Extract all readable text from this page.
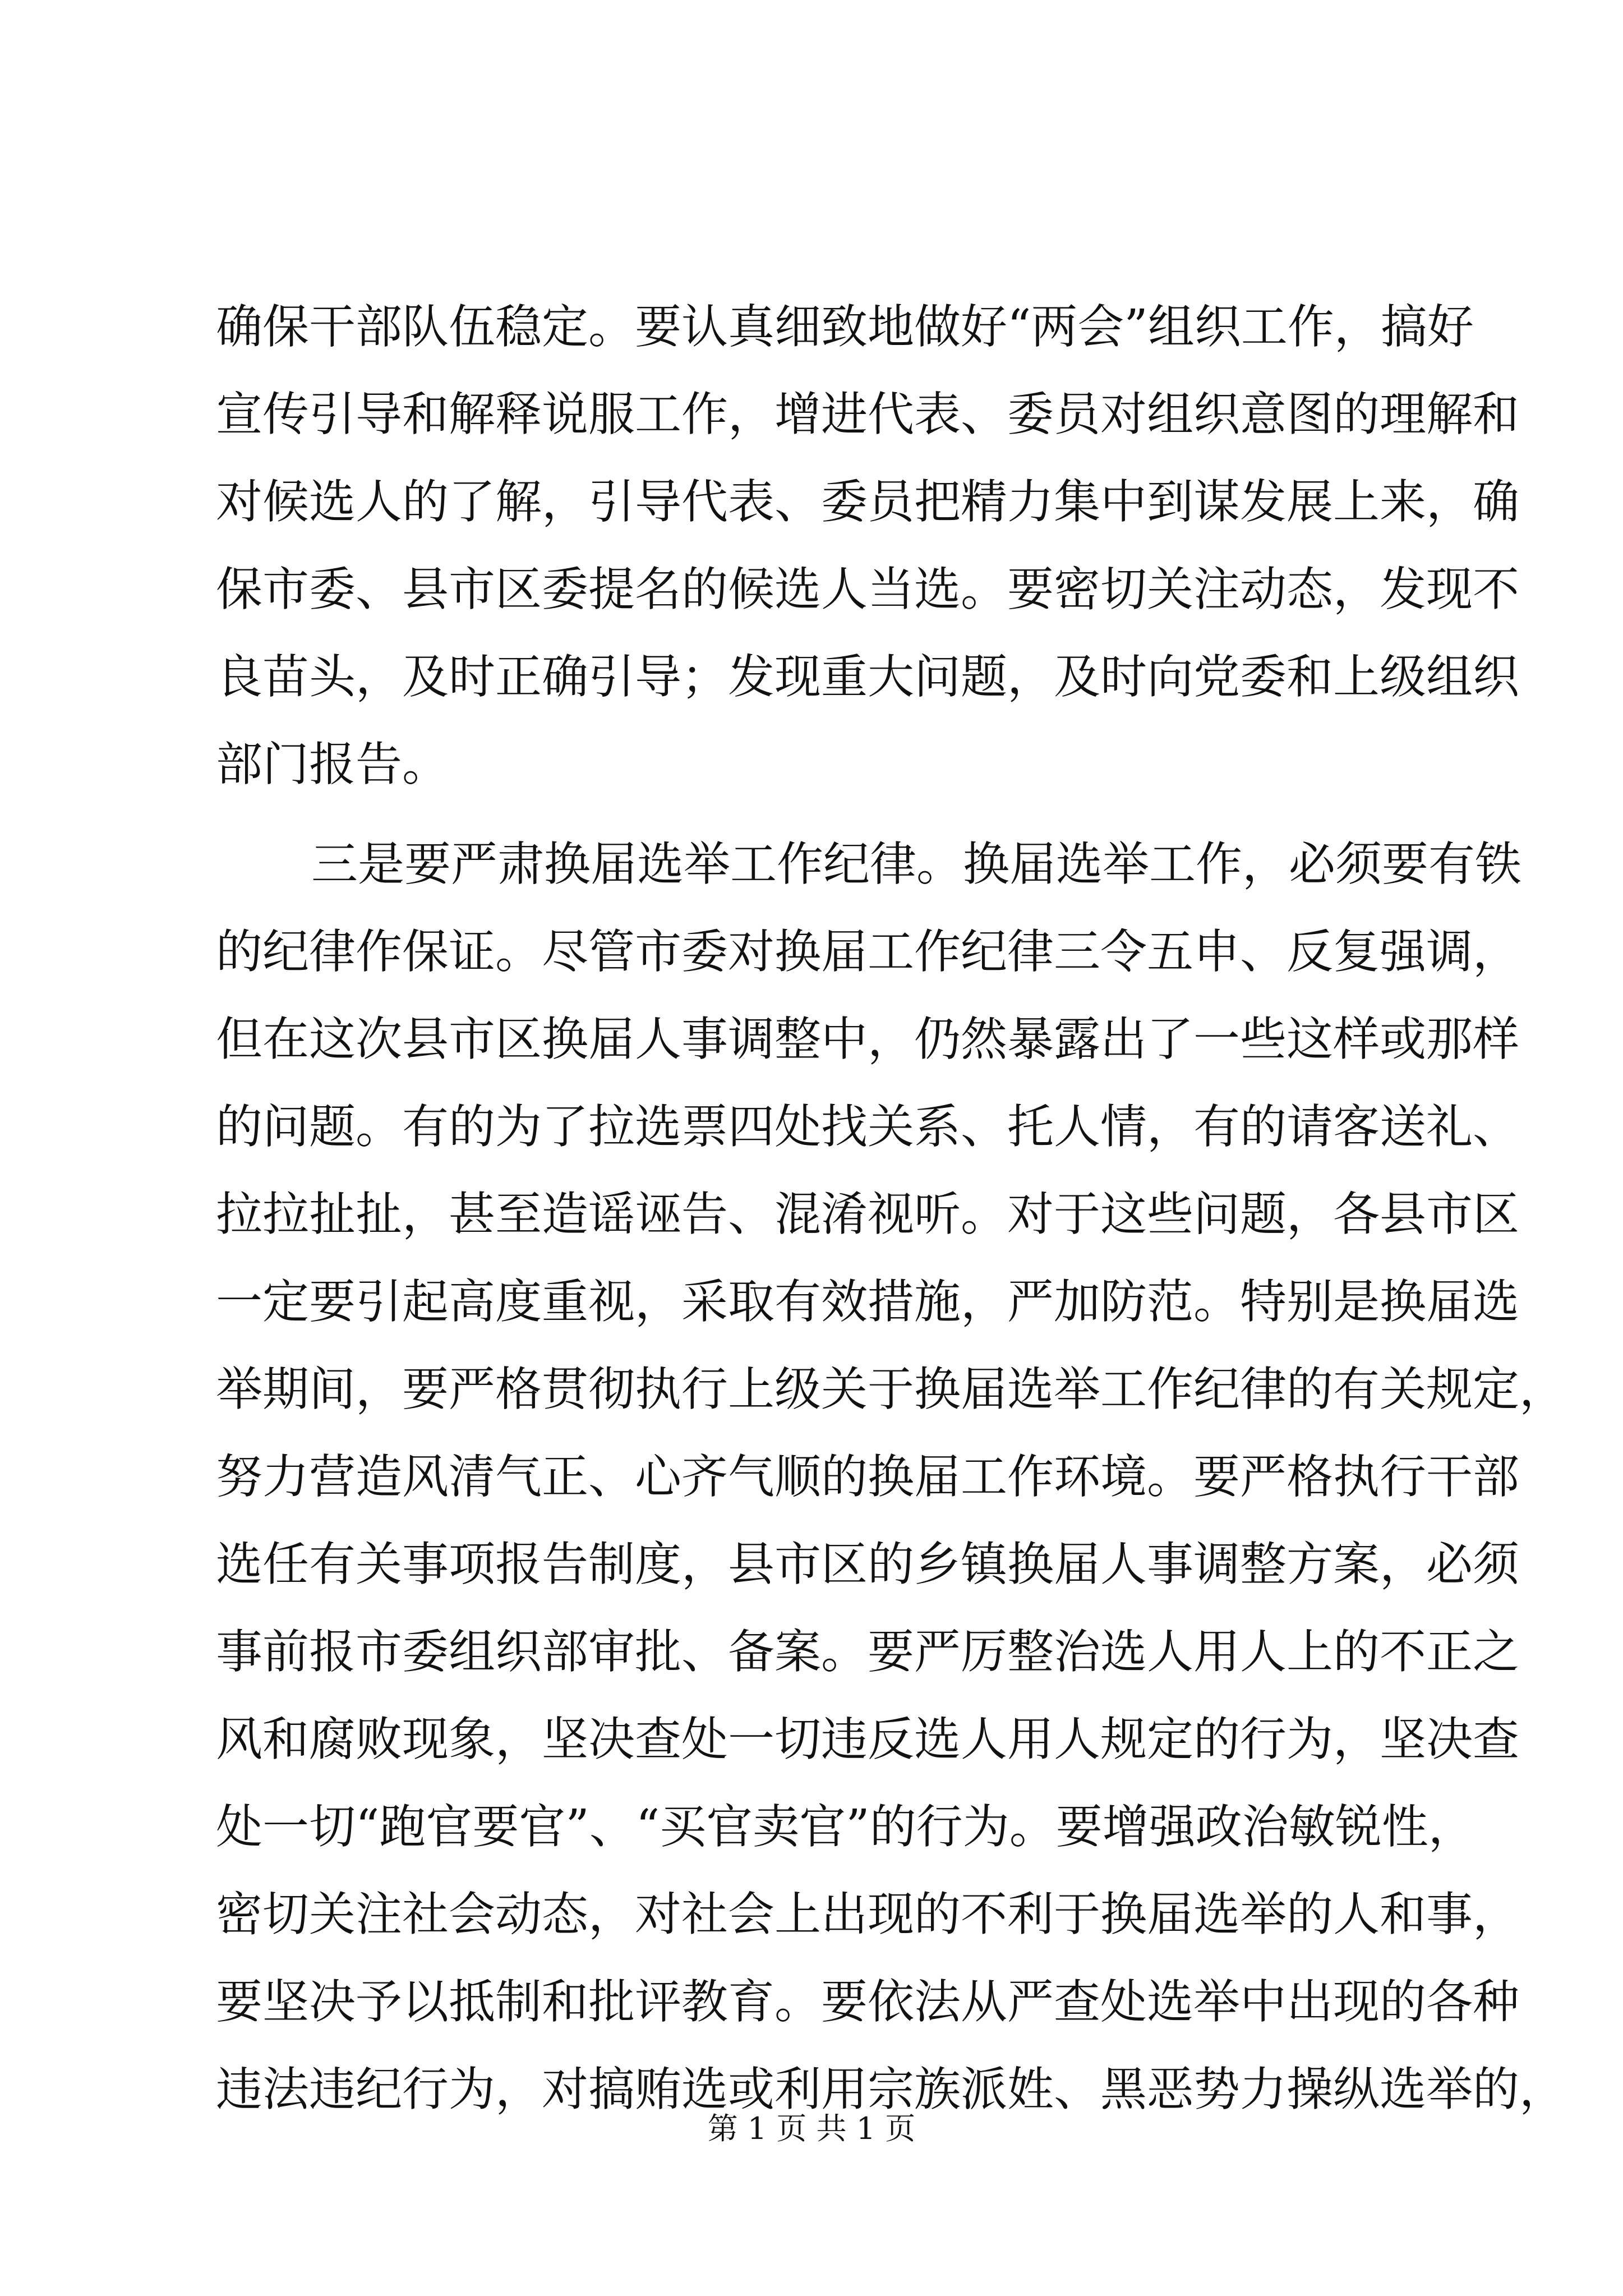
确保干部队伍稳定。要认真细致地做好“两会”组织工作，搞好
宣传引导和解释说服工作，增进代表、委员对组织意图的理解和
对候选人的了解，引导代表、委员把精力集中到谋发展上来，确
保市委、县市区委提名的候选人当选。要密切关注动态，发现不
良苗头，及时正确引导；发现重大问题，及时向党委和上级组织
部门报告。
三是要严肃换届选举工作纪律。换届选举工作，必须要有铁
的纪律作保证。尽管市委对换届工作纪律三令五申、反复强调，
但在这次县市区换届人事调整中，仍然暴露出了一些这样或那样
的问题。有的为了拉选票四处找关系、托人情，有的请客送礼、
拉拉扯扯，甚至造谣诬告、混淆视听。对于这些问题，各县市区
一定要引起高度重视，采取有效措施，严加防范。特别是换届选
举期间，要严格贯彻执行上级关于换届选举工作纪律的有关规定，
努力营造风清气正、心齐气顺的换届工作环境。要严格执行干部
选任有关事项报告制度，县市区的乡镇换届人事调整方案，必须
事前报市委组织部审批、备案。要严厉整治选人用人上的不正之
风和腐败现象，坚决查处一切违反选人用人规定的行为，坚决查
处一切“跑官要官”、“买官卖官”的行为。要增强政治敏锐性，
密切关注社会动态，对社会上出现的不利于换届选举的人和事，
要坚决予以抵制和批评教育。要依法从严查处选举中出现的各种
违法违纪行为，对搞贿选或利用宗族派姓、黑恶势力操纵选举的，
第 1 页 共 1 页
